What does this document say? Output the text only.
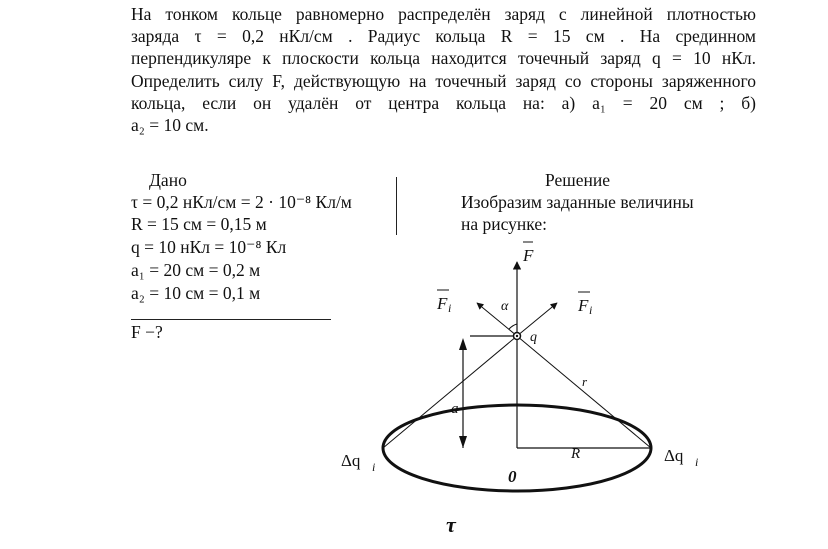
На тонком кольце равномерно распределён заряд с линейной плотностью
заряда τ = 0,2 нКл/см . Радиус кольца R = 15 см . На срединном
перпендикуляре к плоскости кольца находится точечный заряд q = 10 нКл.
Определить силу F, действующую на точечный заряд со стороны заряженного
кольца, если он удалён от центра кольца на: а) a₁ = 20 см ; б)
a₂ = 10 см.
Дано
τ = 0,2 нКл/см = 2 · 10⁻⁸ Кл/м
R = 15 см = 0,15 м
q = 10 нКл = 10⁻⁸ Кл
a₁ = 20 см = 0,2 м
a₂ = 10 см = 0,1 м
F −?
Решение
Изобразим заданные величины
на рисунке:
F
F i	F i
α
q
r
a
R
0
Δq i
Δq i
τ
